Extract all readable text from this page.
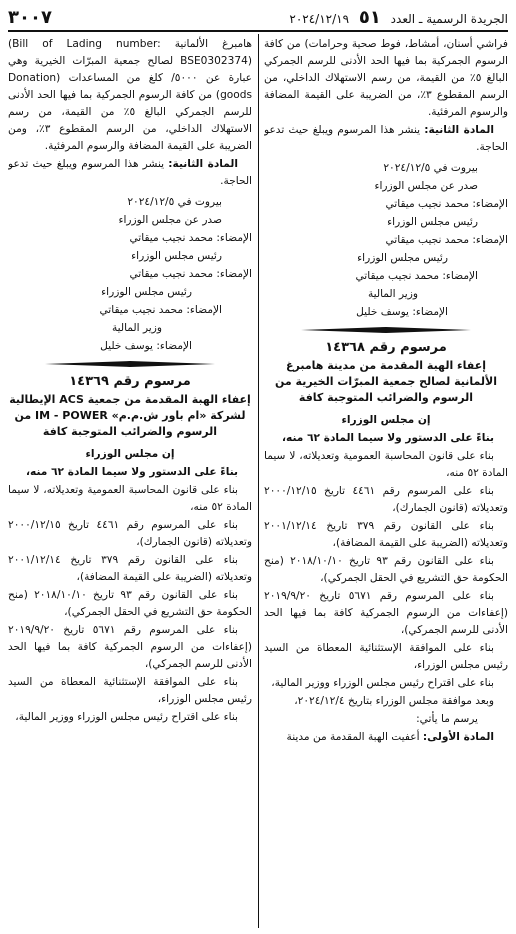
الجريدة الرسمية ـ العدد ٥١ ٢٠٢٤/١٢/١٩
٣٠٠٧

فراشي أسنان، أمشاط، فوط صحية وحرامات) من كافة الرسوم الجمركية بما فيها الحد الأدنى للرسم الجمركي البالغ ٥٪ من القيمة، من رسم الاستهلاك الداخلي، من الرسم المقطوع ٣٪، من الضريبة على القيمة المضافة والرسوم المرفئية.

المادة الثانية: ينشر هذا المرسوم ويبلغ حيث تدعو الحاجة.

بيروت في ٢٠٢٤/١٢/٥

صدر عن مجلس الوزراء

الإمضاء: محمد نجيب ميقاتي

رئيس مجلس الوزراء

الإمضاء: محمد نجيب ميقاتي

رئيس مجلس الوزراء

الإمضاء: محمد نجيب ميقاتي

وزير المالية

الإمضاء: يوسف خليل

مرسوم رقم ١٤٣٦٨

إعفاء الهبة المقدمة من مدينة هامبرغ الألمانية لصالح جمعية المبرّات الخيرية من الرسوم والضرائب المتوجبة كافة

إن مجلس الوزراء

بناءً على الدستور ولا سيما المادة ٦٢ منه،

بناء على قانون المحاسبة العمومية وتعديلاته، لا سيما المادة ٥٢ منه،

بناء على المرسوم رقم ٤٤٦١ تاريخ ٢٠٠٠/١٢/١٥ وتعديلاته (قانون الجمارك)،

بناء على القانون رقم ٣٧٩ تاريخ ٢٠٠١/١٢/١٤ وتعديلاته (الضريبة على القيمة المضافة)،

بناء على القانون رقم ٩٣ تاريخ ٢٠١٨/١٠/١٠ (منح الحكومة حق التشريع في الحقل الجمركي)،

بناء على المرسوم رقم ٥٦٧١ تاريخ ٢٠١٩/٩/٢٠ (إعفاءات من الرسوم الجمركية كافة بما فيها الحد الأدنى للرسم الجمركي)،

بناء على الموافقة الإستثنائية المعطاة من السيد رئيس مجلس الوزراء،

بناء على اقتراح رئيس مجلس الوزراء ووزير المالية،

وبعد موافقة مجلس الوزراء بتاريخ ٢٠٢٤/١٢/٤،

يرسم ما يأتي:

المادة الأولى: أعفيت الهبة المقدمة من مدينة

هامبرغ الألمانية (Bill of Lading number: BSE0302374) لصالح جمعية المبرّات الخيرية وهي عبارة عن ٥٠٠٠/ كلغ من المساعدات (Donation goods) من كافة الرسوم الجمركية بما فيها الحد الأدنى للرسم الجمركي البالغ ٥٪ من القيمة، من رسم الاستهلاك الداخلي، من الرسم المقطوع ٣٪، ومن الضريبة على القيمة المضافة والرسوم المرفئية.

المادة الثانية: ينشر هذا المرسوم ويبلغ حيث تدعو الحاجة.

بيروت في ٢٠٢٤/١٢/٥

صدر عن مجلس الوزراء

الإمضاء: محمد نجيب ميقاتي

رئيس مجلس الوزراء

الإمضاء: محمد نجيب ميقاتي

رئيس مجلس الوزراء

الإمضاء: محمد نجيب ميقاتي

وزير المالية

الإمضاء: يوسف خليل

مرسوم رقم ١٤٣٦٩

إعفاء الهبة المقدمة من جمعية ACS الإيطالية لشركة «ام باور ش.م.م» IM - POWER من الرسوم والضرائب المتوجبة كافة

إن مجلس الوزراء

بناءً على الدستور ولا سيما المادة ٦٢ منه،

بناء على قانون المحاسبة العمومية وتعديلاته، لا سيما المادة ٥٢ منه،

بناء على المرسوم رقم ٤٤٦١ تاريخ ٢٠٠٠/١٢/١٥ وتعديلاته (قانون الجمارك)،

بناء على القانون رقم ٣٧٩ تاريخ ٢٠٠١/١٢/١٤ وتعديلاته (الضريبة على القيمة المضافة)،

بناء على القانون رقم ٩٣ تاريخ ٢٠١٨/١٠/١٠ (منح الحكومة حق التشريع في الحقل الجمركي)،

بناء على المرسوم رقم ٥٦٧١ تاريخ ٢٠١٩/٩/٢٠ (إعفاءات من الرسوم الجمركية كافة بما فيها الحد الأدنى للرسم الجمركي)،

بناء على الموافقة الإستثنائية المعطاة من السيد رئيس مجلس الوزراء،

بناء على اقتراح رئيس مجلس الوزراء ووزير المالية،
